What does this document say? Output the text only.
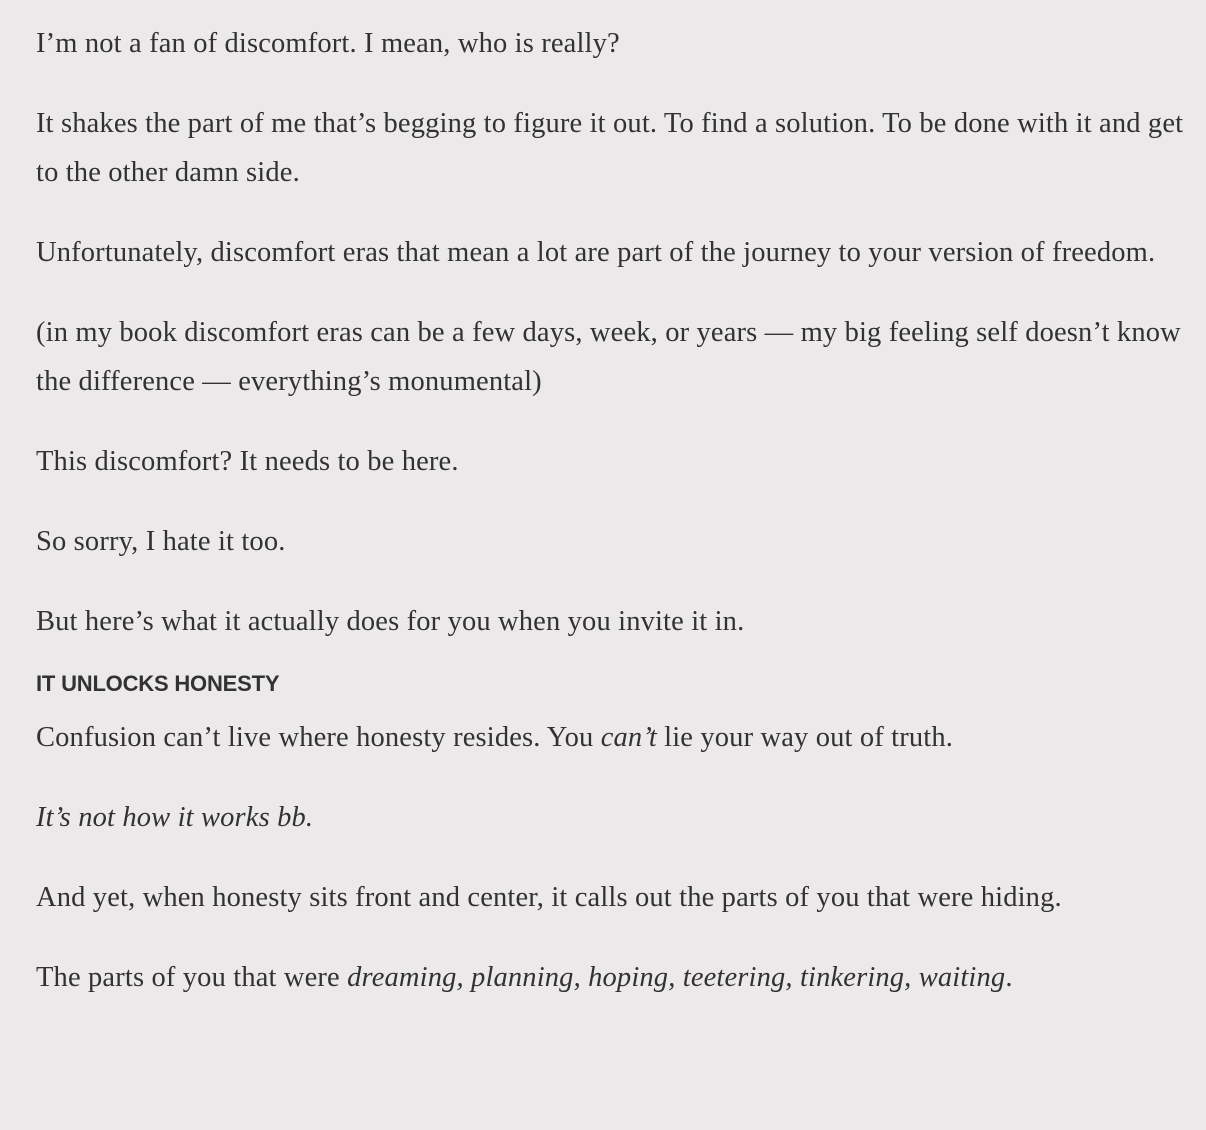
I’m not a fan of discomfort. I mean, who is really?

It shakes the part of me that’s begging to figure it out. To find a solution. To be done with it and get to the other damn side.

Unfortunately, discomfort eras that mean a lot are part of the journey to your version of freedom.

(in my book discomfort eras can be a few days, week, or years — my big feeling self doesn’t know the difference — everything’s monumental)

This discomfort? It needs to be here.

So sorry, I hate it too.

But here’s what it actually does for you when you invite it in.

IT UNLOCKS HONESTY

Confusion can’t live where honesty resides. You can’t lie your way out of truth.

It’s not how it works bb.

And yet, when honesty sits front and center, it calls out the parts of you that were hiding.

The parts of you that were dreaming, planning, hoping, teetering, tinkering, waiting.
